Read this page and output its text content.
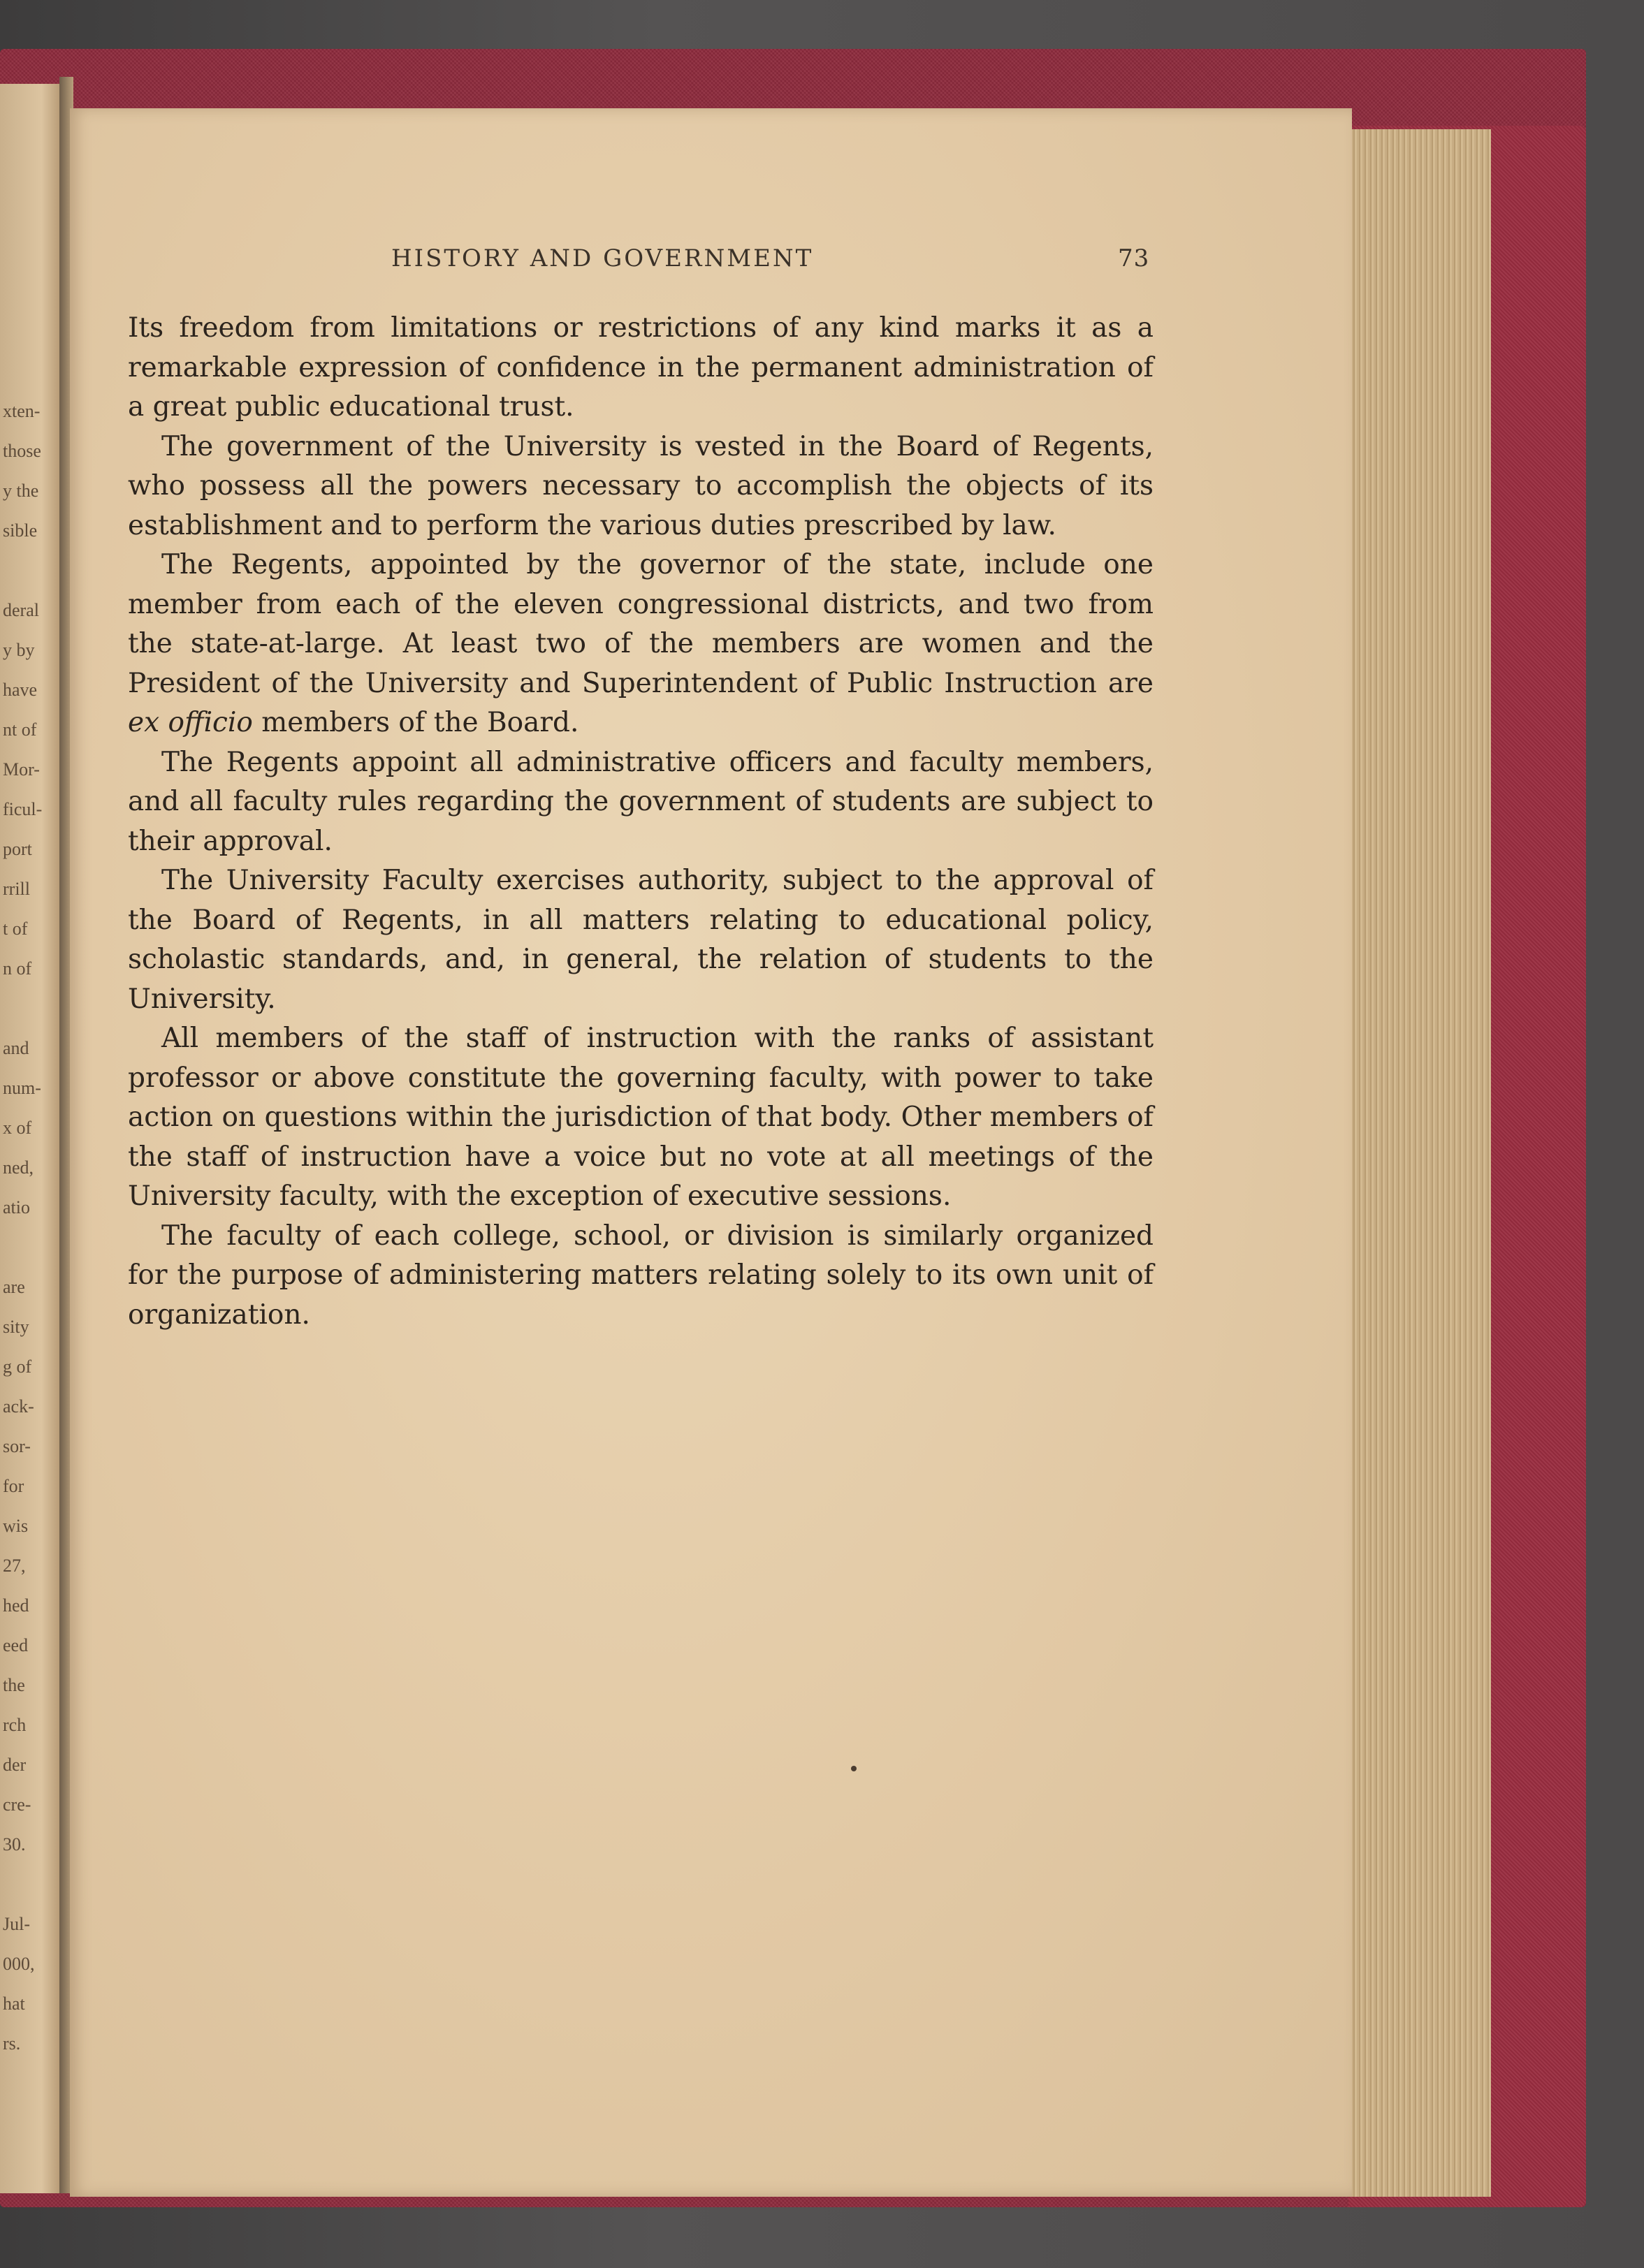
xten-
those
y the
sible

deral
y by
have
nt of
Mor-
ficul-
port
rrill
t of
n of

and
num-
x of
ned,
atio

are
sity
g of
ack-
sor-
for
wis
27,
hed
eed
the
rch
der
cre-
30.

Jul-
000,
hat
rs.
HISTORY AND GOVERNMENT	73

Its freedom from limitations or restrictions of any kind marks it as a remarkable expression of confidence in the permanent administration of a great public educational trust.

The government of the University is vested in the Board of Regents, who possess all the powers necessary to accomplish the objects of its establishment and to perform the various duties prescribed by law.

The Regents, appointed by the governor of the state, include one member from each of the eleven congressional districts, and two from the state-at-large. At least two of the members are women and the President of the University and Superintendent of Public Instruction are ex officio members of the Board.

The Regents appoint all administrative officers and faculty members, and all faculty rules regarding the government of students are subject to their approval.

The University Faculty exercises authority, subject to the approval of the Board of Regents, in all matters relating to educational policy, scholastic standards, and, in general, the relation of students to the University.

All members of the staff of instruction with the ranks of assistant professor or above constitute the governing faculty, with power to take action on questions within the jurisdiction of that body. Other members of the staff of instruction have a voice but no vote at all meetings of the University faculty, with the exception of executive sessions.

The faculty of each college, school, or division is similarly organized for the purpose of administering matters relating solely to its own unit of organization.
